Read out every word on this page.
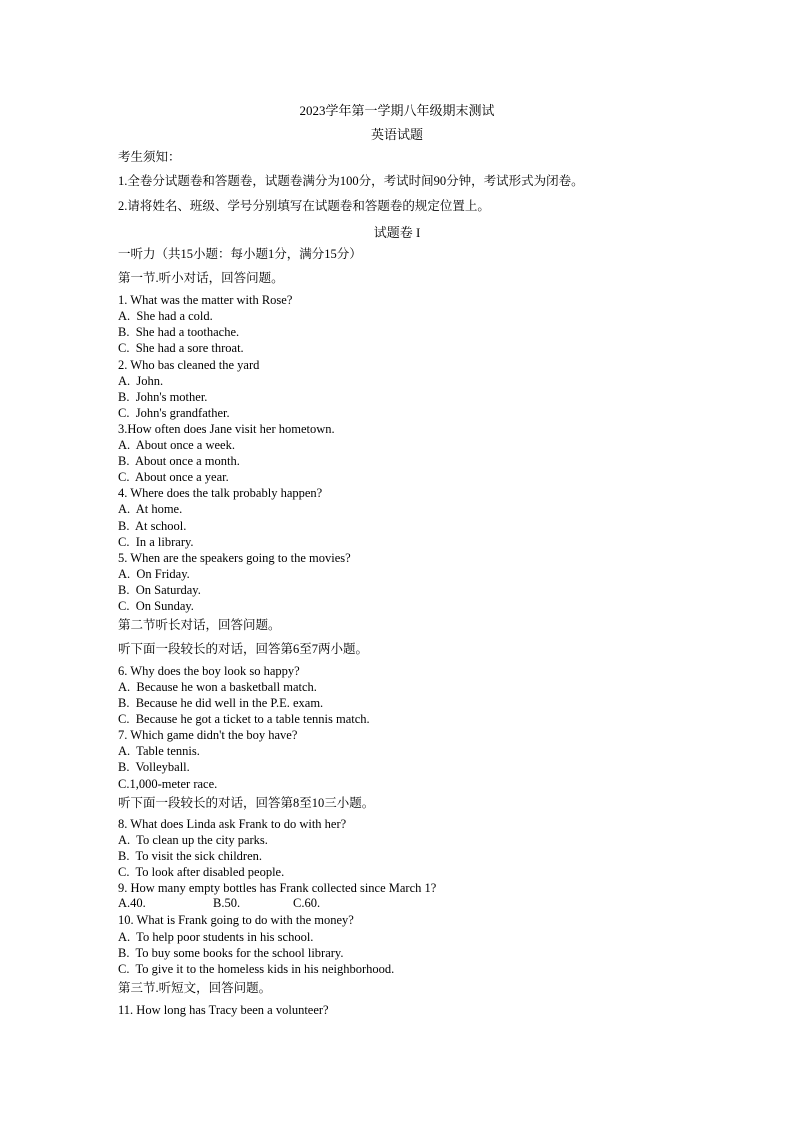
2023学年第一学期八年级期末测试
英语试题
考生须知：
1.全卷分试题卷和答题卷，试题卷满分为100分，考试时间90分钟，考试形式为闭卷。
2.请将姓名、班级、学号分别填写在试题卷和答题卷的规定位置上。
试题卷 I
一听力（共15小题：每小题1分，满分15分）
第一节.听小对话，回答问题。
1. What was the matter with Rose?
A.  She had a cold.
B.  She had a toothache.
C.  She had a sore throat.
2. Who bas cleaned the yard
A.  John.
B.  John's mother.
C.  John's grandfather.
3.How often does Jane visit her hometown.
A.  About once a week.
B.  About once a month.
C.  About once a year.
4. Where does the talk probably happen?
A.  At home.
B.  At school.
C.  In a library.
5. When are the speakers going to the movies?
A.  On Friday.
B.  On Saturday.
C.  On Sunday.
第二节听长对话，回答问题。
听下面一段较长的对话，回答第6至7两小题。
6. Why does the boy look so happy?
A.  Because he won a basketball match.
B.  Because he did well in the P.E. exam.
C.  Because he got a ticket to a table tennis match.
7. Which game didn't the boy have?
A.  Table tennis.
B.  Volleyball.
C.1,000-meter race.
听下面一段较长的对话，回答第8至10三小题。
8. What does Linda ask Frank to do with her?
A.  To clean up the city parks.
B.  To visit the sick children.
C.  To look after disabled people.
9. How many empty bottles has Frank collected since March 1?
A.40.	B.50.	C.60.
10. What is Frank going to do with the money?
A.  To help poor students in his school.
B.  To buy some books for the school library.
C.  To give it to the homeless kids in his neighborhood.
第三节.听短文，回答问题。
11. How long has Tracy been a volunteer?
